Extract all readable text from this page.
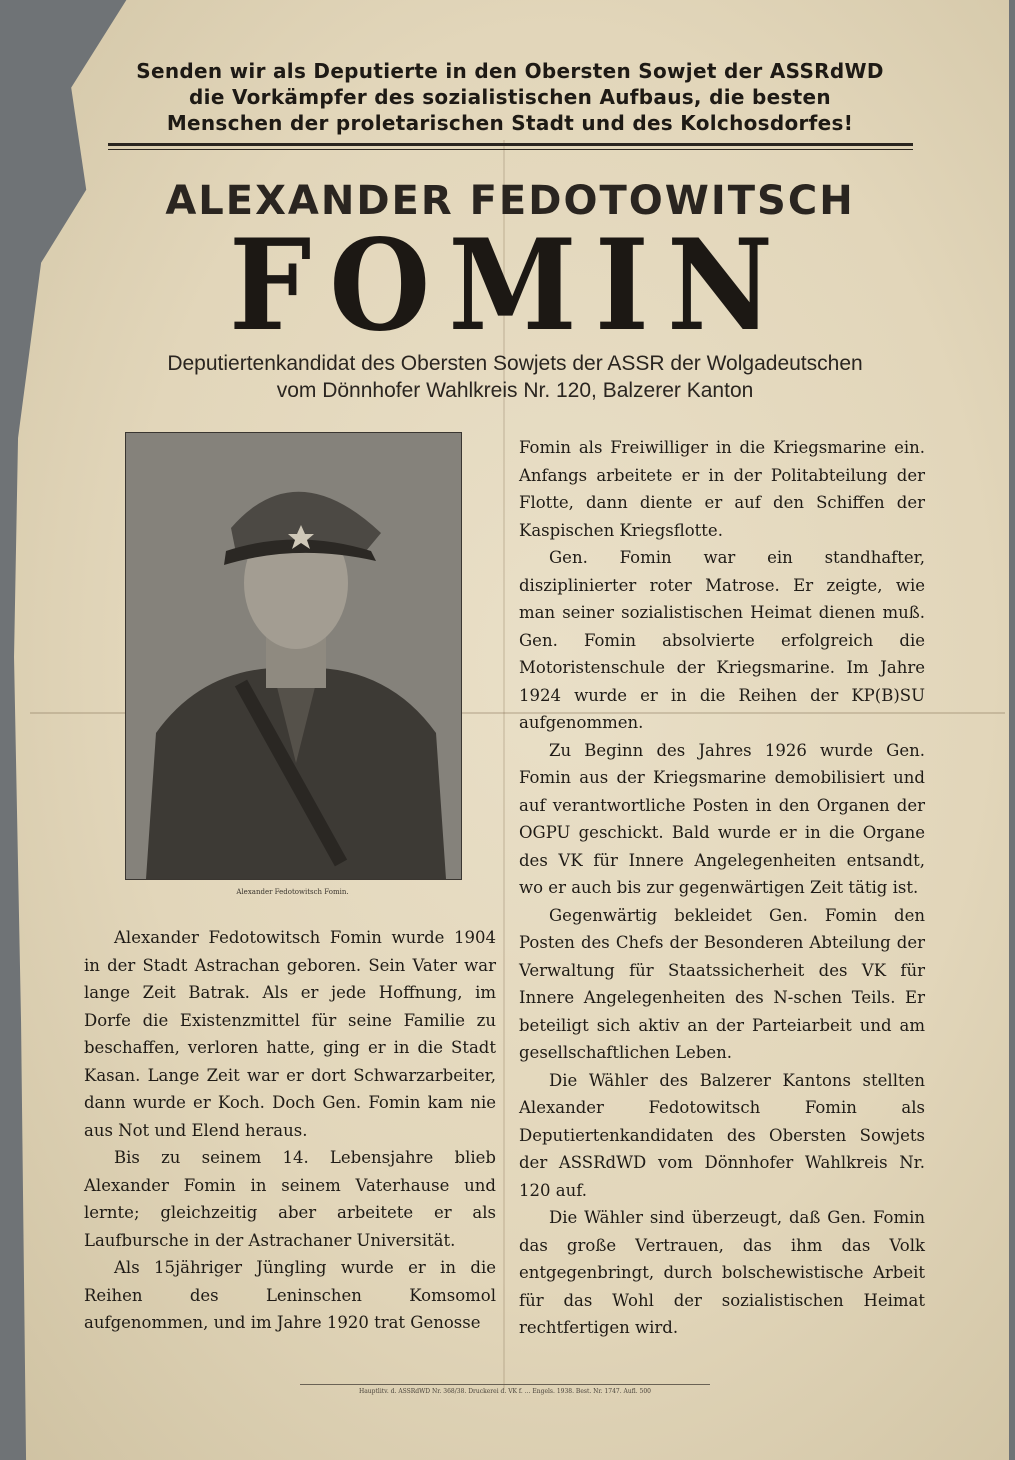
Senden wir als Deputierte in den Obersten Sowjet der ASSRdWD
die Vorkämpfer des sozialistischen Aufbaus, die besten
Menschen der proletarischen Stadt und des Kolchosdorfes!
ALEXANDER FEDOTOWITSCH
FOMIN
Deputiertenkandidat des Obersten Sowjets der ASSR der Wolgadeutschen
vom Dönnhofer Wahlkreis Nr. 120, Balzerer Kanton
Alexander Fedotowitsch Fomin.

Alexander Fedotowitsch Fomin wurde 1904 in der Stadt Astrachan geboren. Sein Vater war lange Zeit Batrak. Als er jede Hoffnung, im Dorfe die Existenzmittel für seine Familie zu beschaffen, verloren hatte, ging er in die Stadt Kasan. Lange Zeit war er dort Schwarzarbeiter, dann wurde er Koch. Doch Gen. Fomin kam nie aus Not und Elend heraus.

Bis zu seinem 14. Lebensjahre blieb Alexander Fomin in seinem Vaterhause und lernte; gleichzeitig aber arbeitete er als Laufbursche in der Astrachaner Universität.

Als 15jähriger Jüngling wurde er in die Reihen des Leninschen Komsomol aufgenommen, und im Jahre 1920 trat Genosse

Fomin als Freiwilliger in die Kriegsmarine ein. Anfangs arbeitete er in der Politabteilung der Flotte, dann diente er auf den Schiffen der Kaspischen Kriegsflotte.

Gen. Fomin war ein standhafter, disziplinierter roter Matrose. Er zeigte, wie man seiner sozialistischen Heimat dienen muß. Gen. Fomin absolvierte erfolgreich die Motoristenschule der Kriegsmarine. Im Jahre 1924 wurde er in die Reihen der KP(B)SU aufgenommen.

Zu Beginn des Jahres 1926 wurde Gen. Fomin aus der Kriegsmarine demobilisiert und auf verantwortliche Posten in den Organen der OGPU geschickt. Bald wurde er in die Organe des VK für Innere Angelegenheiten entsandt, wo er auch bis zur gegenwärtigen Zeit tätig ist.

Gegenwärtig bekleidet Gen. Fomin den Posten des Chefs der Besonderen Abteilung der Verwaltung für Staatssicherheit des VK für Innere Angelegenheiten des N-schen Teils. Er beteiligt sich aktiv an der Parteiarbeit und am gesellschaftlichen Leben.

Die Wähler des Balzerer Kantons stellten Alexander Fedotowitsch Fomin als Deputiertenkandidaten des Obersten Sowjets der ASSRdWD vom Dönnhofer Wahlkreis Nr. 120 auf.

Die Wähler sind überzeugt, daß Gen. Fomin das große Vertrauen, das ihm das Volk entgegenbringt, durch bolschewistische Arbeit für das Wohl der sozialistischen Heimat rechtfertigen wird.

Hauptlitv. d. ASSRdWD Nr. 368/38. Druckerei d. VK f. ... Engels. 1938. Best. Nr. 1747. Aufl. 500
